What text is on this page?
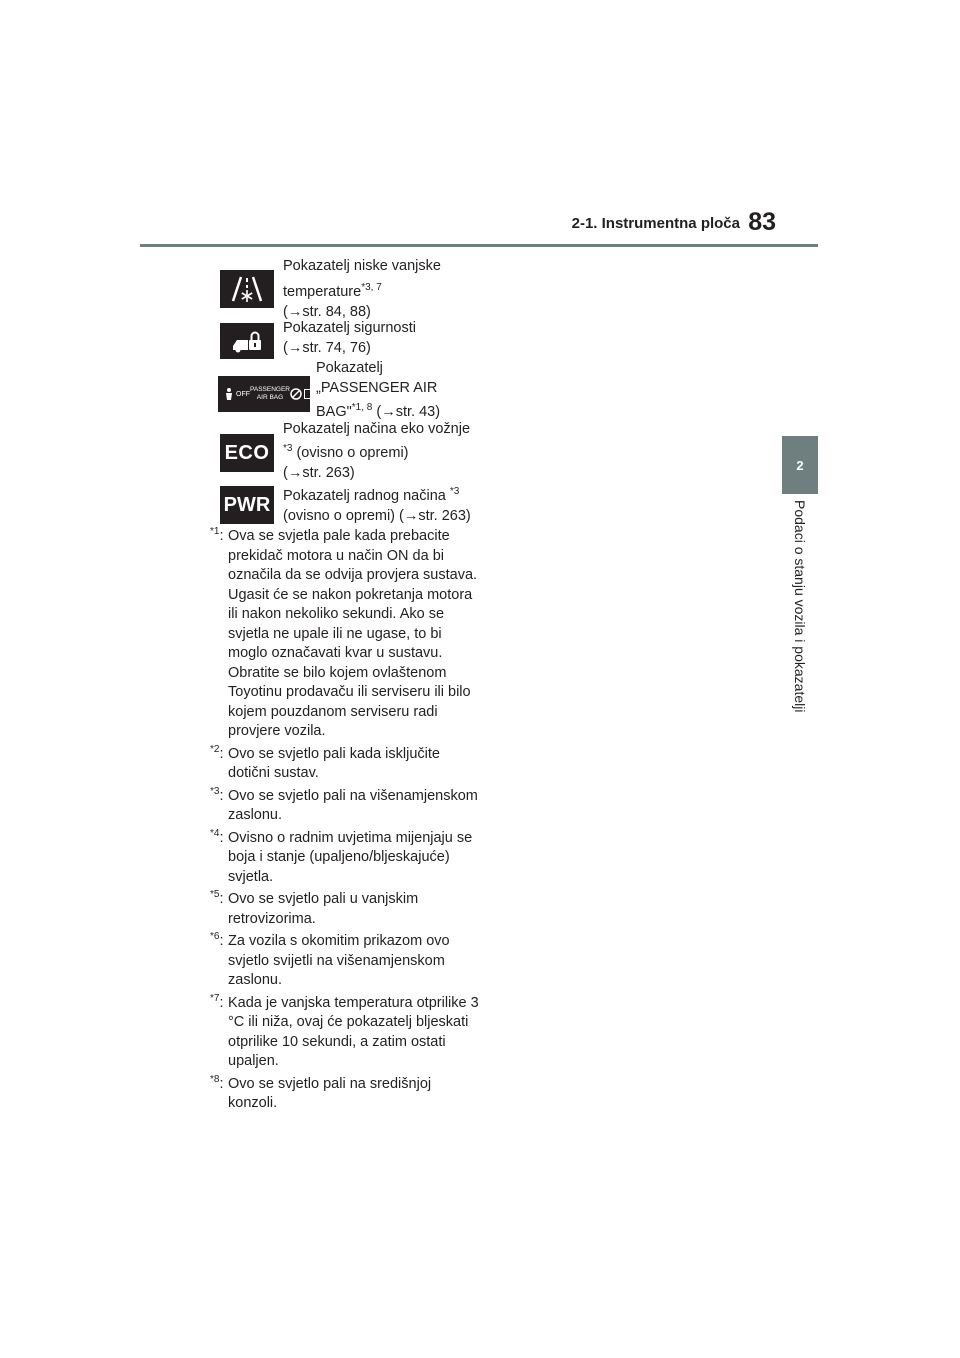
2-1. Instrumentna ploča 83
2
Podaci o stanju vozila i pokazatelji
Pokazatelj niske vanjske
temperature$^{*3, 7}$
(→str. 84, 88)
Pokazatelj sigurnosti
(→str. 74, 76)
OFF
PASSENGER
AIR BAG
Pokazatelj
„PASSENGER AIR
BAG"$^{*1, 8}$ (→str. 43)
ECO
Pokazatelj načina eko vožnje
$^{*3}$ (ovisno o opremi)
(→str. 263)
PWR Pokazatelj radnog načina $^{*3}$
(ovisno o opremi) (→str. 263)
$^{*1}$: Ova se svjetla pale kada prebacite prekidač motora u način ON da bi označila da se odvija provjera sustava. Ugasit će se nakon pokretanja motora ili nakon nekoliko sekundi. Ako se svjetla ne upale ili ne ugase, to bi moglo označavati kvar u sustavu. Obratite se bilo kojem ovlaštenom Toyotinu prodavaču ili serviseru ili bilo kojem pouzdanom serviseru radi provjere vozila.
$^{*2}$: Ovo se svjetlo pali kada isključite dotični sustav.
$^{*3}$: Ovo se svjetlo pali na višenamjenskom zaslonu.
$^{*4}$: Ovisno o radnim uvjetima mijenjaju se boja i stanje (upaljeno/bljeskajuće) svjetla.
$^{*5}$: Ovo se svjetlo pali u vanjskim retrovizorima.
$^{*6}$: Za vozila s okomitim prikazom ovo svjetlo svijetli na višenamjenskom zaslonu.
$^{*7}$: Kada je vanjska temperatura otprilike 3 °C ili niža, ovaj će pokazatelj bljeskati otprilike 10 sekundi, a zatim ostati upaljen.
$^{*8}$: Ovo se svjetlo pali na središnjoj konzoli.
